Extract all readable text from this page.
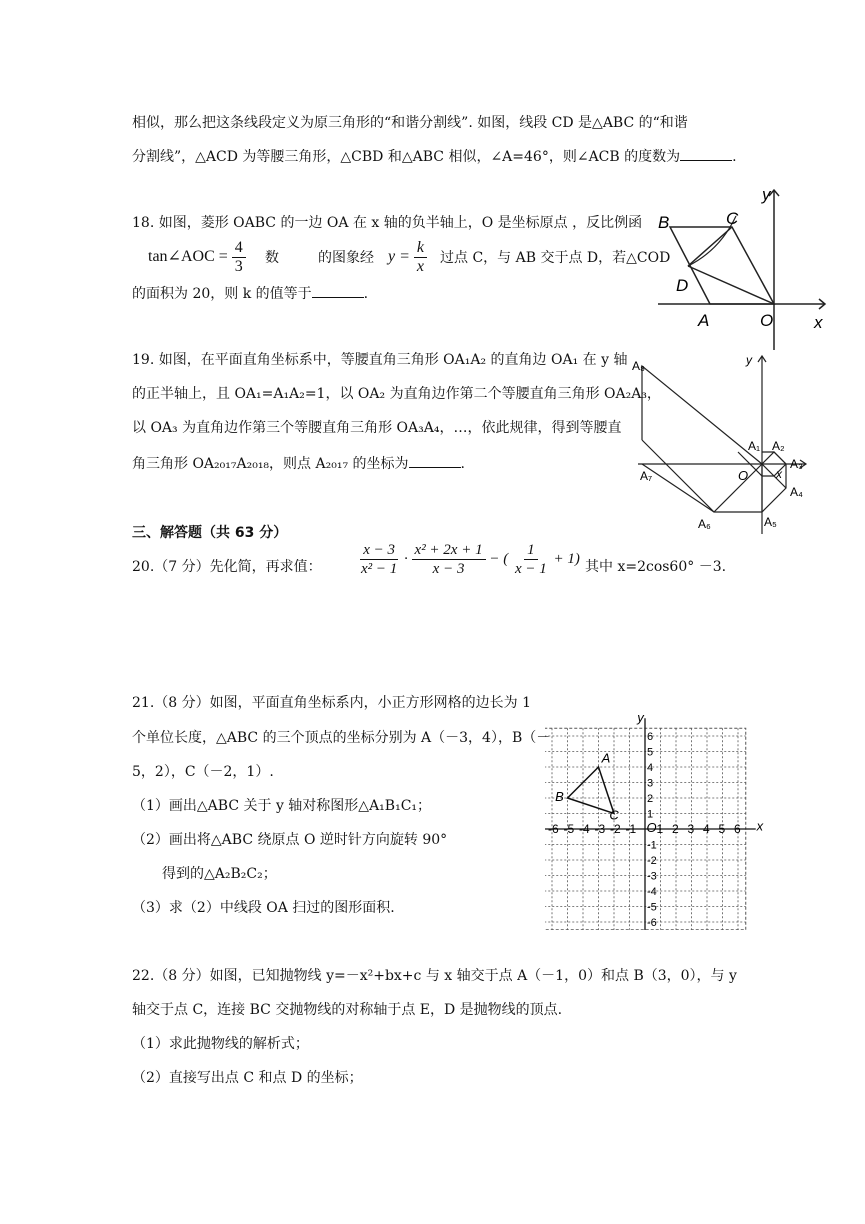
相似，那么把这条线段定义为原三角形的“和谐分割线”. 如图，线段 CD 是△ABC 的“和谐
分割线”，△ACD 为等腰三角形，△CBD 和△ABC 相似，∠A=46°，则∠ACB 的度数为	.
18. 如图，菱形 OABC 的一边 OA 在 x 轴的负半轴上，O 是坐标原点 ，反比例函
tan∠AOC = $\frac{4}{3}$ 数	的图象经 $y = \frac{k}{x}$ 过点 C，与 AB 交于点 D，若△COD
的面积为 20，则 k 的值等于	.
B	C
D
A	O x
y
19. 如图，在平面直角坐标系中，等腰直角三角形 OA₁A₂ 的直角边 OA₁ 在 y 轴
的正半轴上，且 OA₁=A₁A₂=1，以 OA₂ 为直角边作第二个等腰直角三角形 OA₂A₃，
以 OA₃ 为直角边作第三个等腰直角三角形 OA₃A₄，…，依此规律，得到等腰直
角三角形 OA₂₀₁₇A₂₀₁₈，则点 A₂₀₁₇ 的坐标为	.
A₁ A₂
A₃
A₄
A₅
A₆
A₇
A₈
O x
y
三、解答题（共 63 分）
20.（7 分）先化简，再求值： $\frac{x - 3}{\text{x² − 1}} \cdot \frac{\text{x² + 2x + 1}}{x - 3}$ − ( $\frac{1}{x - 1} + 1$)
其中 x=2cos60° －3.
21.（8 分）如图，平面直角坐标系内，小正方形网格的边长为 1
个单位长度，△ABC 的三个顶点的坐标分别为 A（－3，4），B（－
5，2），C（－2，1）.
（1）画出△ABC 关于 y 轴对称图形△A₁B₁C₁；
（2）画出将△ABC 绕原点 O 逆时针方向旋转 90°
得到的△A₂B₂C₂；
（3）求（2）中线段 OA 扫过的图形面积.
-6
-6
-5
-5
-4
-4
-3
-3
-2
-2
-1
-1
1
1
2
2
3
3
4
4
5
5
6
6
A
B
C
O	x
y
22.（8 分）如图，已知抛物线 y=－x²+bx+c 与 x 轴交于点 A（－1，0）和点 B（3，0），与 y
轴交于点 C，连接 BC 交抛物线的对称轴于点 E，D 是抛物线的顶点.
（1）求此抛物线的解析式；
（2）直接写出点 C 和点 D 的坐标；
